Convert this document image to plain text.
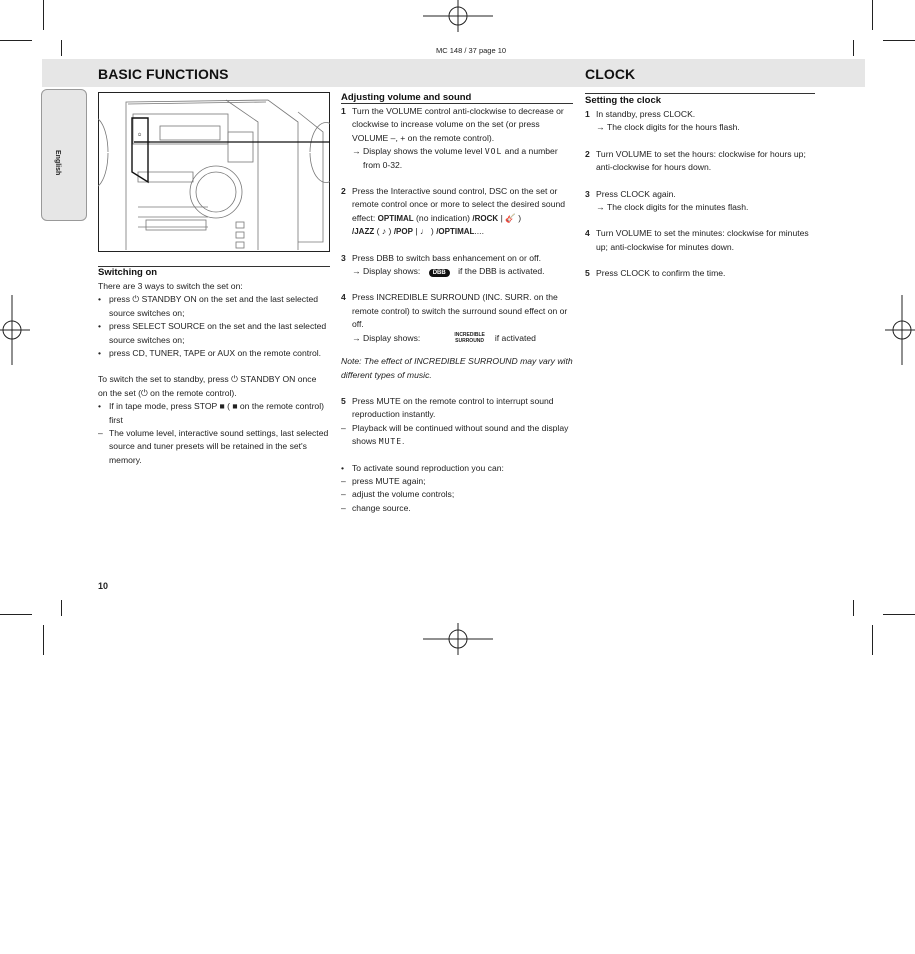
MC 148 / 37 page 10
BASIC FUNCTIONS	CLOCK
English
⏻
Switching on
There are 3 ways to switch the set on:
• press ⏻ STANDBY ON on the set and the last selected source switches on;
• press SELECT SOURCE on the set and the last selected source switches on;
• press CD, TUNER, TAPE or AUX on the remote control.
To switch the set to standby, press ⏻ STANDBY ON once
on the set (⏻ on the remote control).
• If in tape mode, press STOP ■ ( ■ on the remote control) first
– The volume level, interactive sound settings, last selected source and tuner presets will be retained in the set's memory.
Adjusting volume and sound
1 Turn the VOLUME control anti-clockwise to decrease or clockwise to increase volume on the set (or press VOLUME –, + on the remote control).
→ Display shows the volume level VOL and a number from 0-32.
2 Press the Interactive sound control, DSC on the set or remote control once or more to select the desired sound effect: OPTIMAL (no indication) /ROCK | 🎸 )
/JAZZ ( ♪ ) /POP | ♩ ) /OPTIMAL....
3 Press DBB to switch bass enhancement on or off.
→ Display shows: DBB if the DBB is activated.
4 Press INCREDIBLE SURROUND (INC. SURR. on the remote control) to switch the surround sound effect on or off.
→ Display shows:	INCREDIBLE
SURROUND if activated
Note: The effect of INCREDIBLE SURROUND may vary with different types of music.
5 Press MUTE on the remote control to interrupt sound reproduction instantly.
– Playback will be continued without sound and the display shows MUTE.
• To activate sound reproduction you can:
– press MUTE again;
– adjust the volume controls;
– change source.
Setting the clock
1 In standby, press CLOCK.
→ The clock digits for the hours flash.
2 Turn VOLUME to set the hours: clockwise for hours up; anti-clockwise for hours down.
3 Press CLOCK again.
→ The clock digits for the minutes flash.
4 Turn VOLUME to set the minutes: clockwise for minutes up; anti-clockwise for minutes down.
5 Press CLOCK to confirm the time.
10
